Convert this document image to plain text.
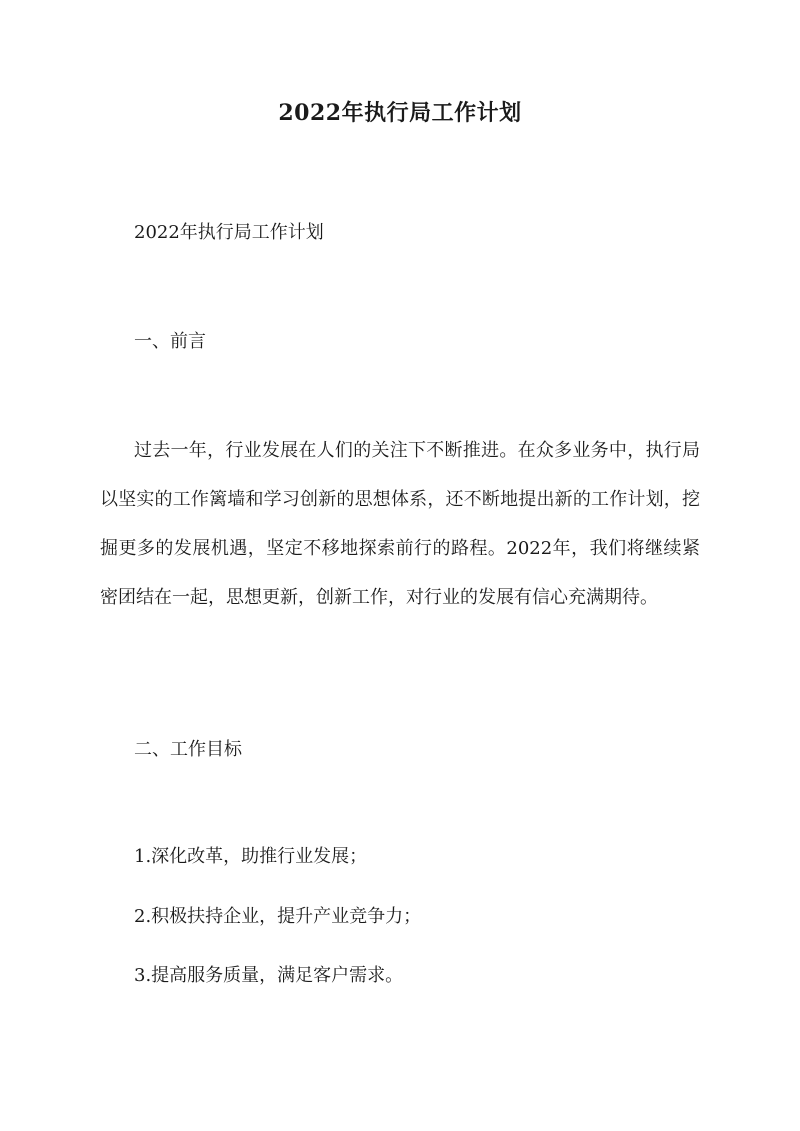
2022年执行局工作计划
2022年执行局工作计划
一、前言
过去一年，行业发展在人们的关注下不断推进。在众多业务中，执行局以坚实的工作篱墙和学习创新的思想体系，还不断地提出新的工作计划，挖掘更多的发展机遇，坚定不移地探索前行的路程。2022年，我们将继续紧密团结在一起，思想更新，创新工作，对行业的发展有信心充满期待。
二、工作目标
1.深化改革，助推行业发展；
2.积极扶持企业，提升产业竞争力；
3.提高服务质量，满足客户需求。
